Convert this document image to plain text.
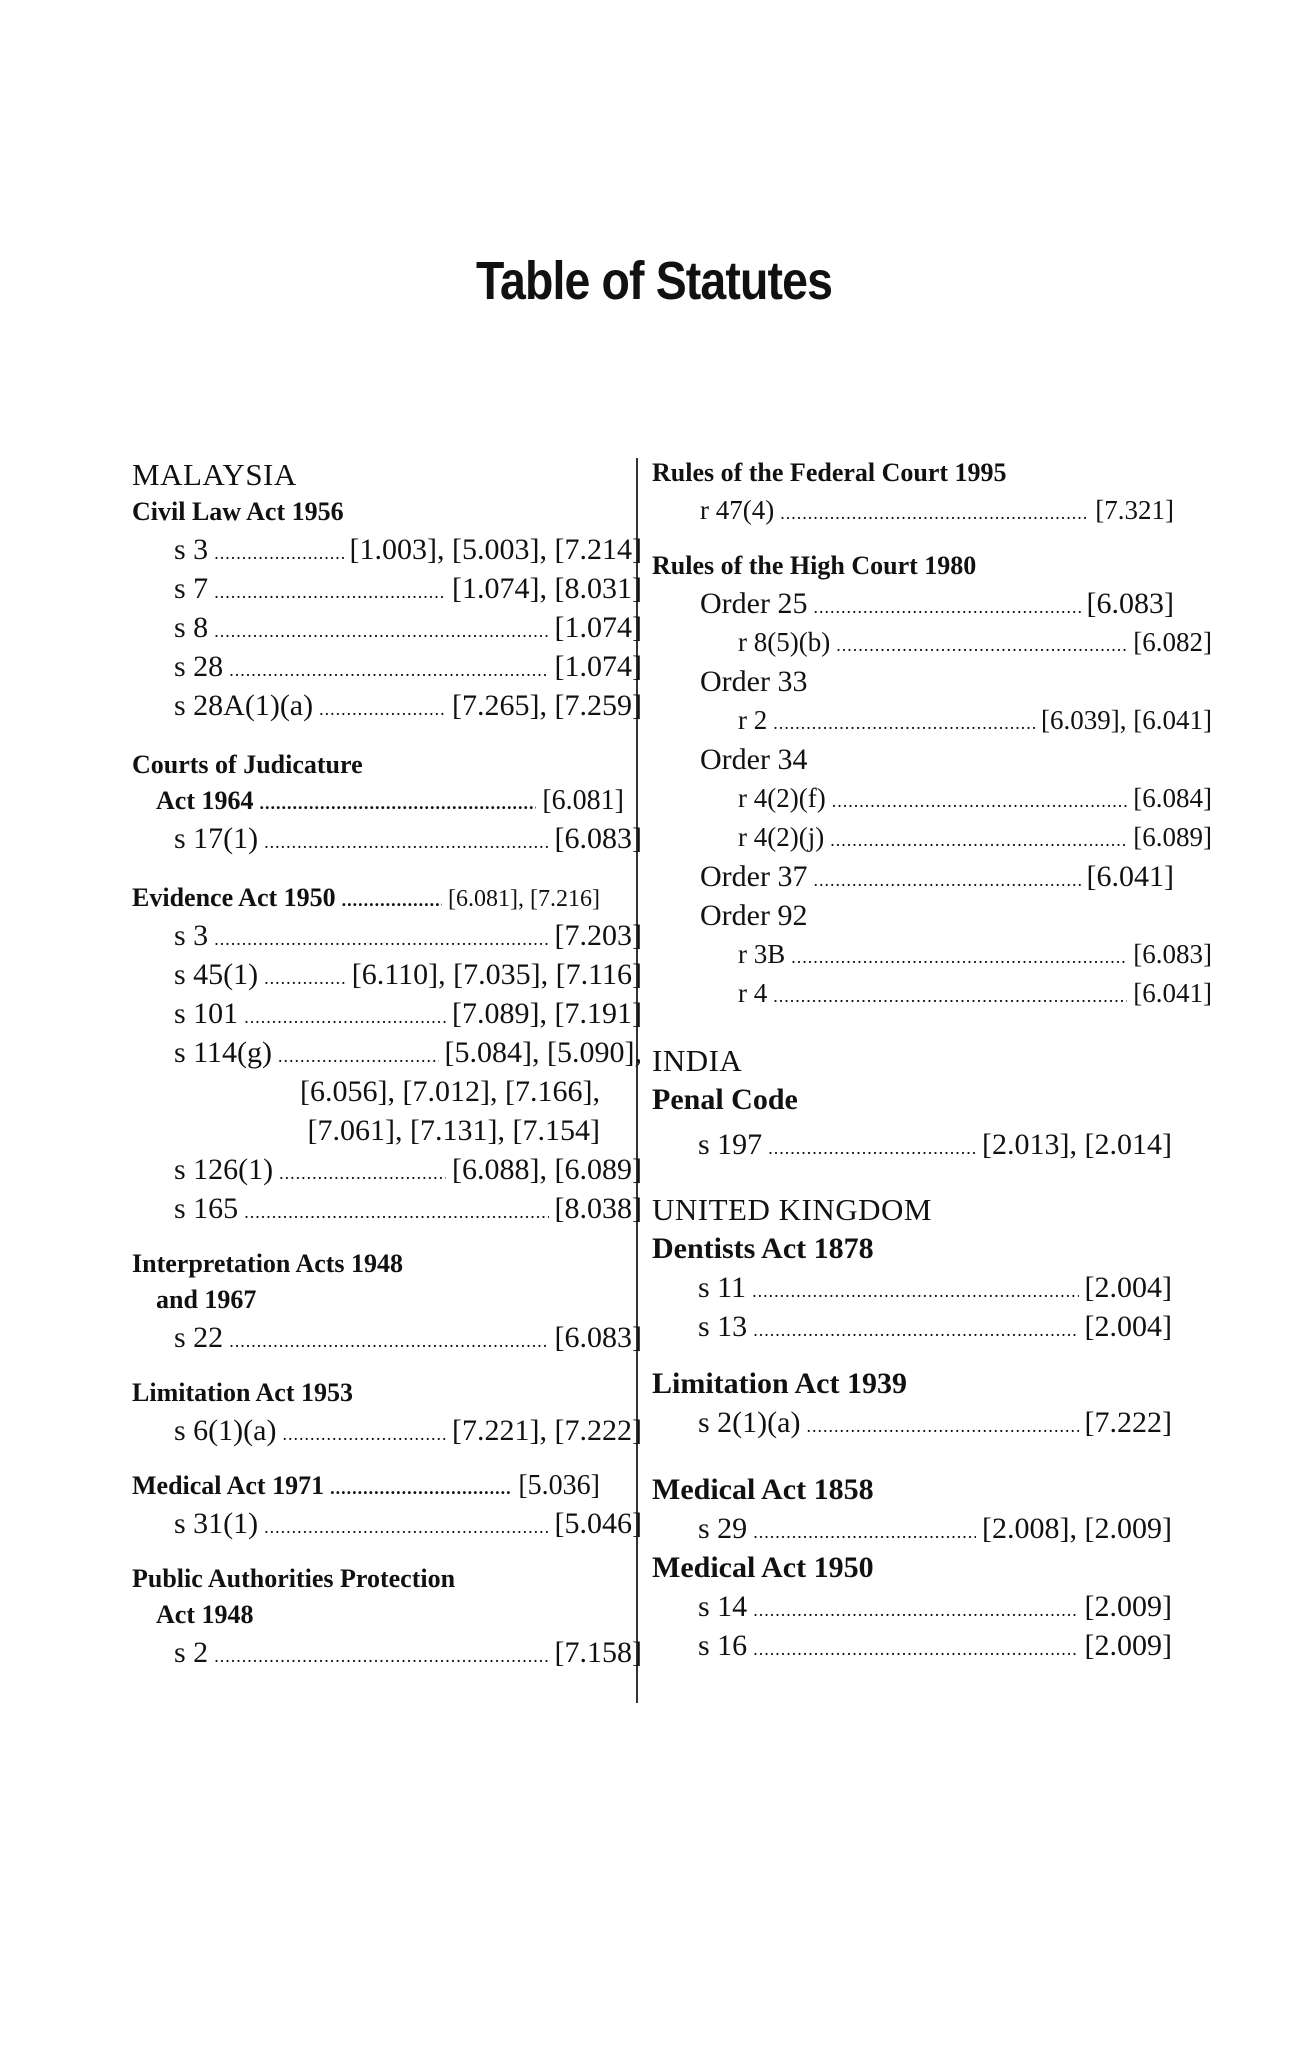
Table of Statutes
MALAYSIA
Civil Law Act 1956
s 3 .....	[1.003], [5.003], [7.214]
s 7 .....	[1.074], [8.031]
s 8 .....	[1.074]
s 28 .....	[1.074]
s 28A(1)(a) .....	[7.265], [7.259]
Courts of Judicature
Act 1964 .....	[6.081]
s 17(1) .....	[6.083]
Evidence Act 1950 .....	[6.081], [7.216]
s 3 .....	[7.203]
s 45(1) .....	[6.110], [7.035], [7.116]
s 101 .....	[7.089], [7.191]
s 114(g) .....	[5.084], [5.090],
[6.056], [7.012], [7.166],
[7.061], [7.131], [7.154]
s 126(1) .....	[6.088], [6.089]
s 165 .....	[8.038]
Interpretation Acts 1948
and 1967
s 22 .....	[6.083]
Limitation Act 1953
s 6(1)(a) .....	[7.221], [7.222]
Medical Act 1971 .....	[5.036]
s 31(1) .....	[5.046]
Public Authorities Protection
Act 1948
s 2 .....	[7.158]
Rules of the Federal Court 1995
r 47(4) .....	[7.321]
Rules of the High Court 1980
Order 25 .....	[6.083]
r 8(5)(b) .....	[6.082]
Order 33
r 2 .....	[6.039], [6.041]
Order 34
r 4(2)(f) .....	[6.084]
r 4(2)(j) .....	[6.089]
Order 37 .....	[6.041]
Order 92
r 3B .....	[6.083]
r 4 .....	[6.041]
INDIA
Penal Code
s 197 .....	[2.013], [2.014]
UNITED KINGDOM
Dentists Act 1878
s 11 .....	[2.004]
s 13 .....	[2.004]
Limitation Act 1939
s 2(1)(a) .....	[7.222]
Medical Act 1858
s 29 .....	[2.008], [2.009]
Medical Act 1950
s 14 .....	[2.009]
s 16 .....	[2.009]
